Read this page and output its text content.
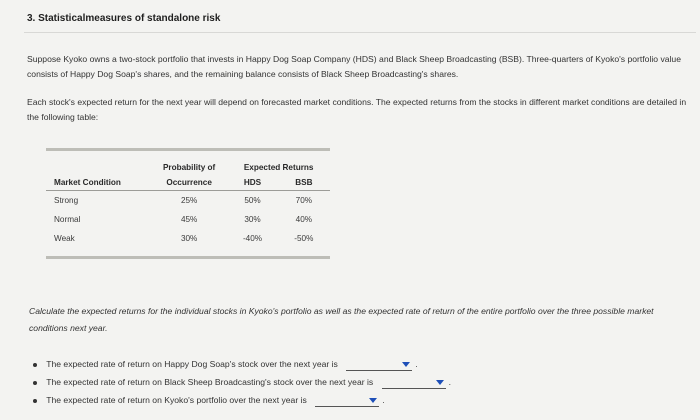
3. Statisticalmeasures of standalone risk
Suppose Kyoko owns a two-stock portfolio that invests in Happy Dog Soap Company (HDS) and Black Sheep Broadcasting (BSB). Three-quarters of Kyoko's portfolio value consists of Happy Dog Soap's shares, and the remaining balance consists of Black Sheep Broadcasting's shares.
Each stock's expected return for the next year will depend on forecasted market conditions. The expected returns from the stocks in different market conditions are detailed in the following table:
	Probability of	Expected Returns	
Market Condition	Occurrence	HDS	BSB
Strong	25%	50%	70%
Normal	45%	30%	40%
Weak	30%	-40%	-50%
Calculate the expected returns for the individual stocks in Kyoko's portfolio as well as the expected rate of return of the entire portfolio over the three possible market conditions next year.
The expected rate of return on Happy Dog Soap's stock over the next year is	.
The expected rate of return on Black Sheep Broadcasting's stock over the next year is	.
The expected rate of return on Kyoko's portfolio over the next year is	.
